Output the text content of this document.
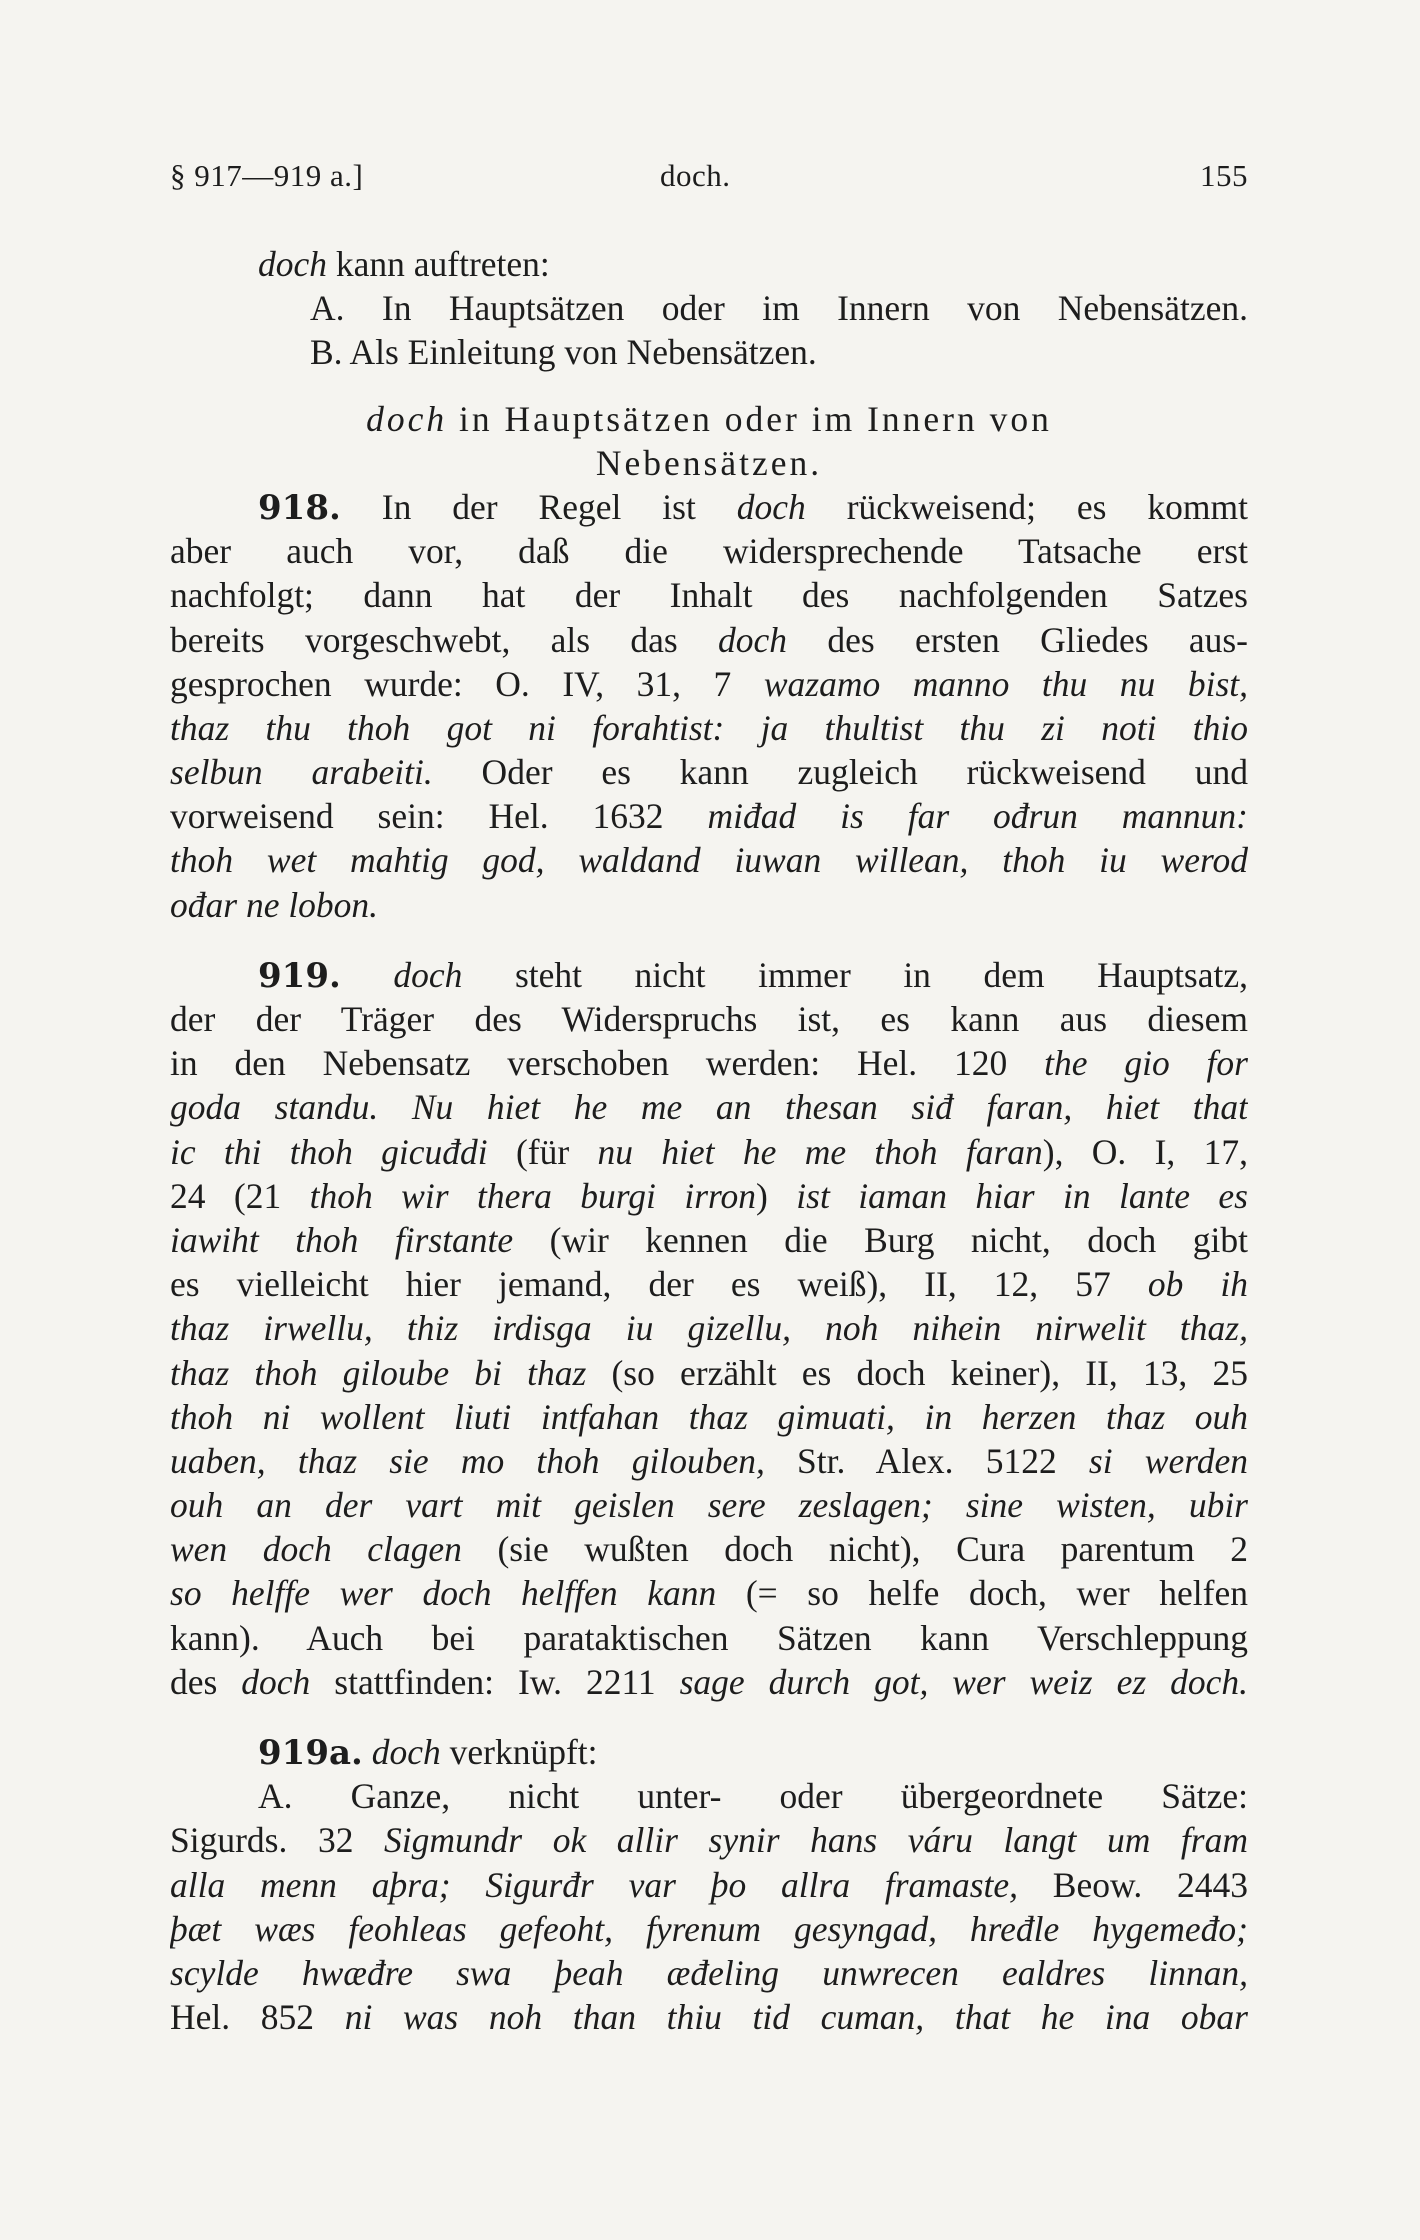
§ 917—919 a.]	doch.	155
doch kann auftreten:
A. In Hauptsätzen oder im Innern von Nebensätzen.
B. Als Einleitung von Nebensätzen.
doch in Hauptsätzen oder im Innern von
Nebensätzen.
918. In der Regel ist doch rückweisend; es kommt
aber auch vor, daß die widersprechende Tatsache erst
nachfolgt; dann hat der Inhalt des nachfolgenden Satzes
bereits vorgeschwebt, als das doch des ersten Gliedes aus-
gesprochen wurde: O. IV, 31, 7 wazamo manno thu nu bist,
thaz thu thoh got ni forahtist: ja thultist thu zi noti thio
selbun arabeiti. Oder es kann zugleich rückweisend und
vorweisend sein: Hel. 1632 miđad is far ođrun mannun:
thoh wet mahtig god, waldand iuwan willean, thoh iu werod
ođar ne lobon.
919. doch steht nicht immer in dem Hauptsatz,
der der Träger des Widerspruchs ist, es kann aus diesem
in den Nebensatz verschoben werden: Hel. 120 the gio for
goda standu. Nu hiet he me an thesan siđ faran, hiet that
ic thi thoh gicuđdi (für nu hiet he me thoh faran), O. I, 17,
24 (21 thoh wir thera burgi irron) ist iaman hiar in lante es
iawiht thoh firstante (wir kennen die Burg nicht, doch gibt
es vielleicht hier jemand, der es weiß), II, 12, 57 ob ih
thaz irwellu, thiz irdisga iu gizellu, noh nihein nirwelit thaz,
thaz thoh giloube bi thaz (so erzählt es doch keiner), II, 13, 25
thoh ni wollent liuti intfahan thaz gimuati, in herzen thaz ouh
uaben, thaz sie mo thoh gilouben, Str. Alex. 5122 si werden
ouh an der vart mit geislen sere zeslagen; sine wisten, ubir
wen doch clagen (sie wußten doch nicht), Cura parentum 2
so helffe wer doch helffen kann (= so helfe doch, wer helfen
kann). Auch bei parataktischen Sätzen kann Verschleppung
des doch stattfinden: Iw. 2211 sage durch got, wer weiz ez doch.
919a. doch verknüpft:
A. Ganze, nicht unter- oder übergeordnete Sätze:
Sigurds. 32 Sigmundr ok allir synir hans váru langt um fram
alla menn aþra; Sigurđr var þo allra framaste, Beow. 2443
þæt wæs feohleas gefeoht, fyrenum gesyngad, hređle hygemeđo;
scylde hwæđre swa þeah æđeling unwrecen ealdres linnan,
Hel. 852 ni was noh than thiu tid cuman, that he ina obar
